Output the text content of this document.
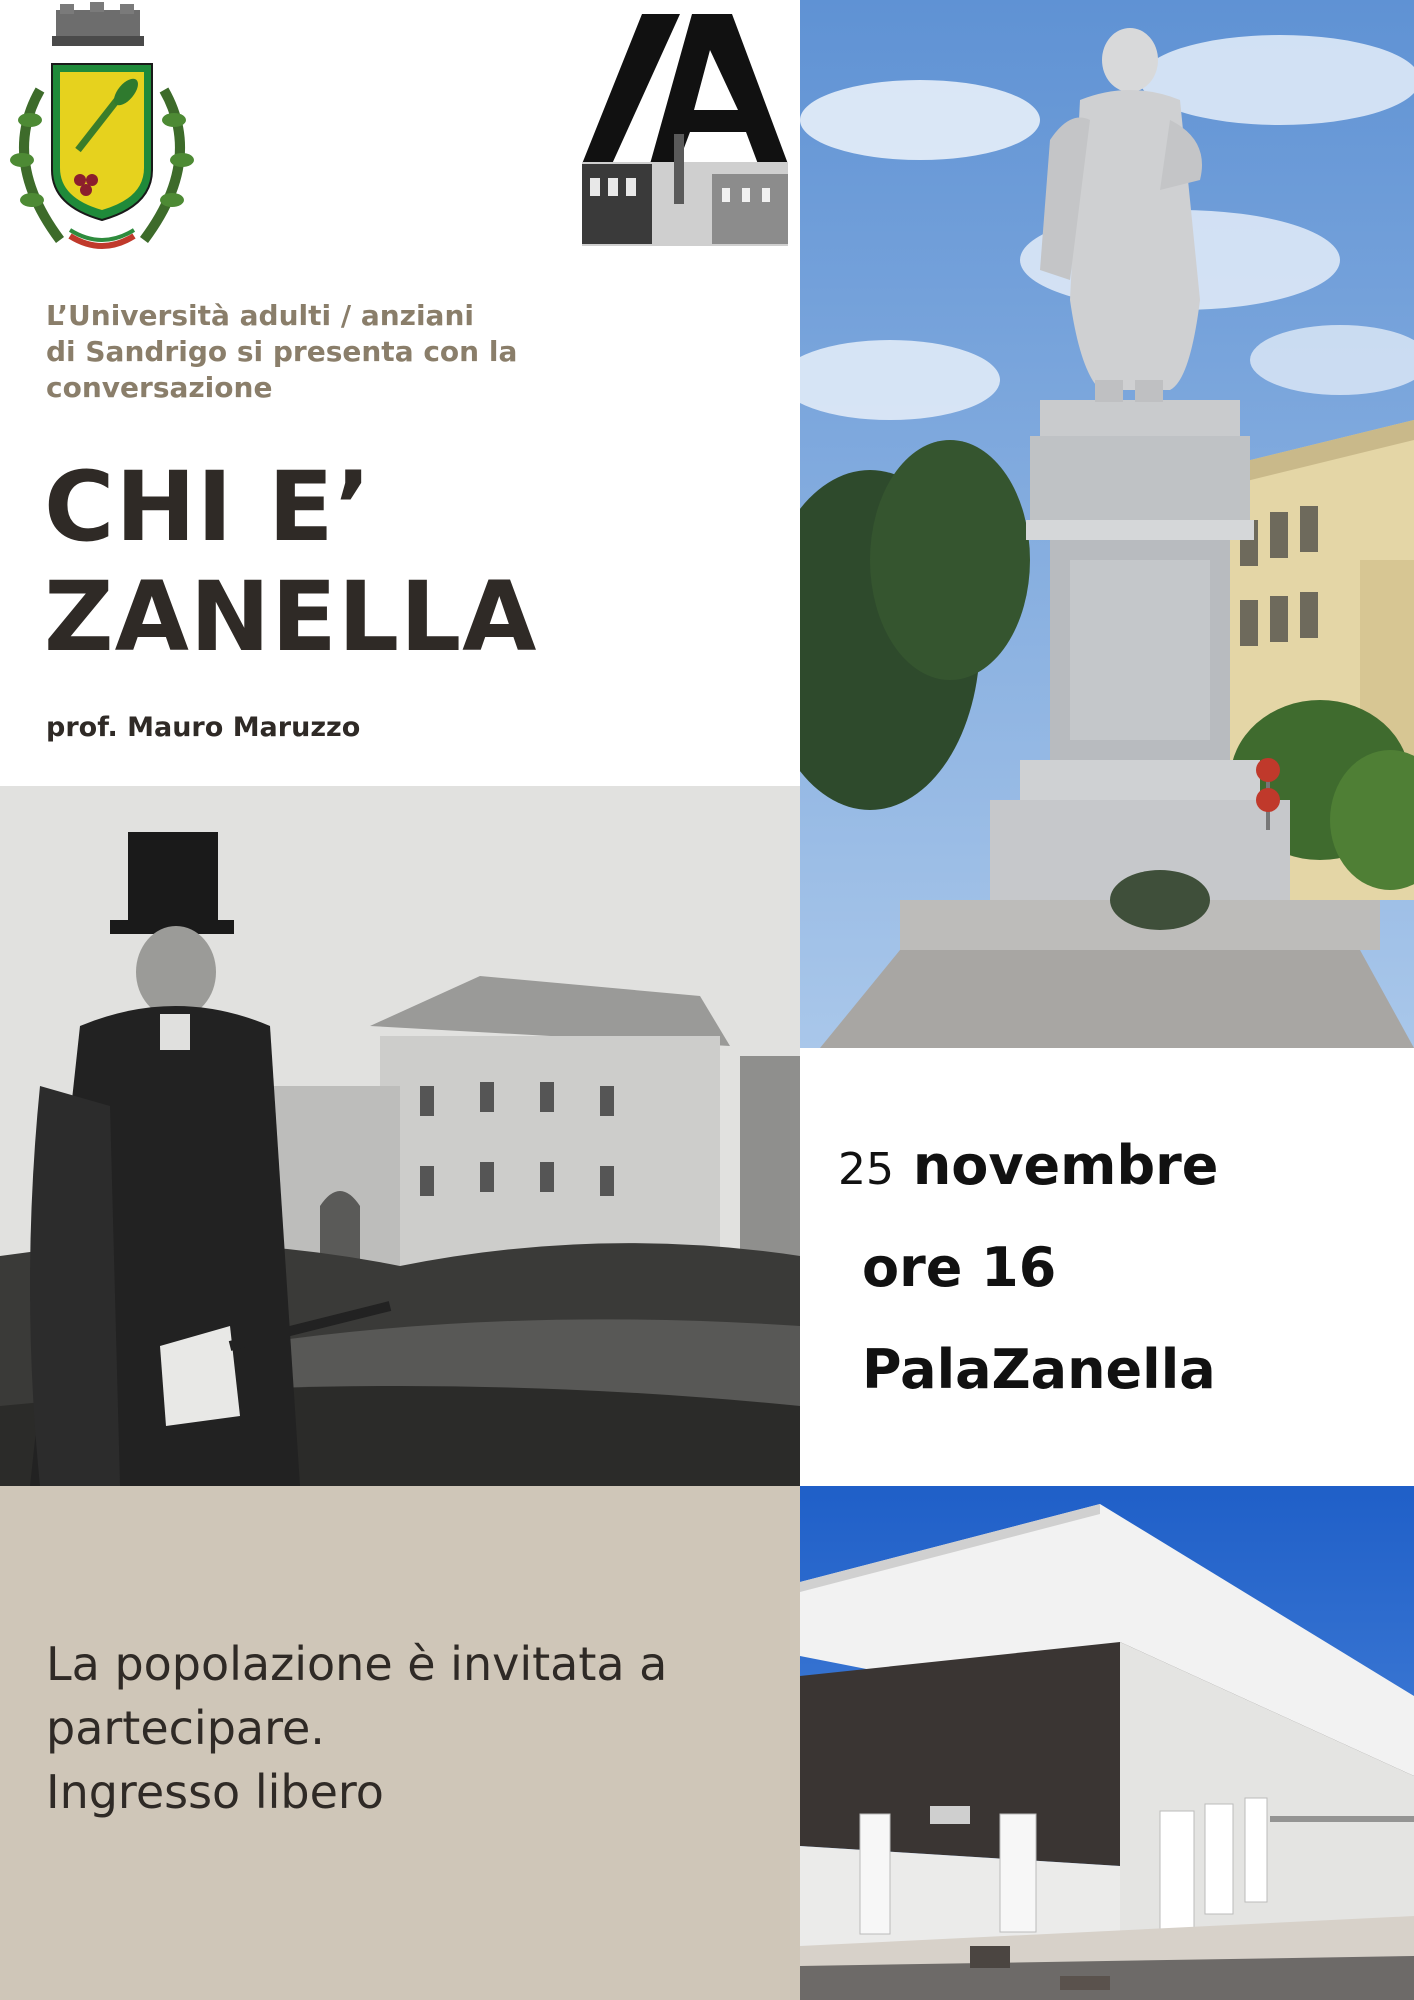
L’Università adulti / anziani
di Sandrigo si presenta con la
conversazione
CHI E’
ZANELLA
prof. Mauro Maruzzo
25 novembre
ore 16
PalaZanella
La popolazione è invitata a
partecipare.
Ingresso libero
